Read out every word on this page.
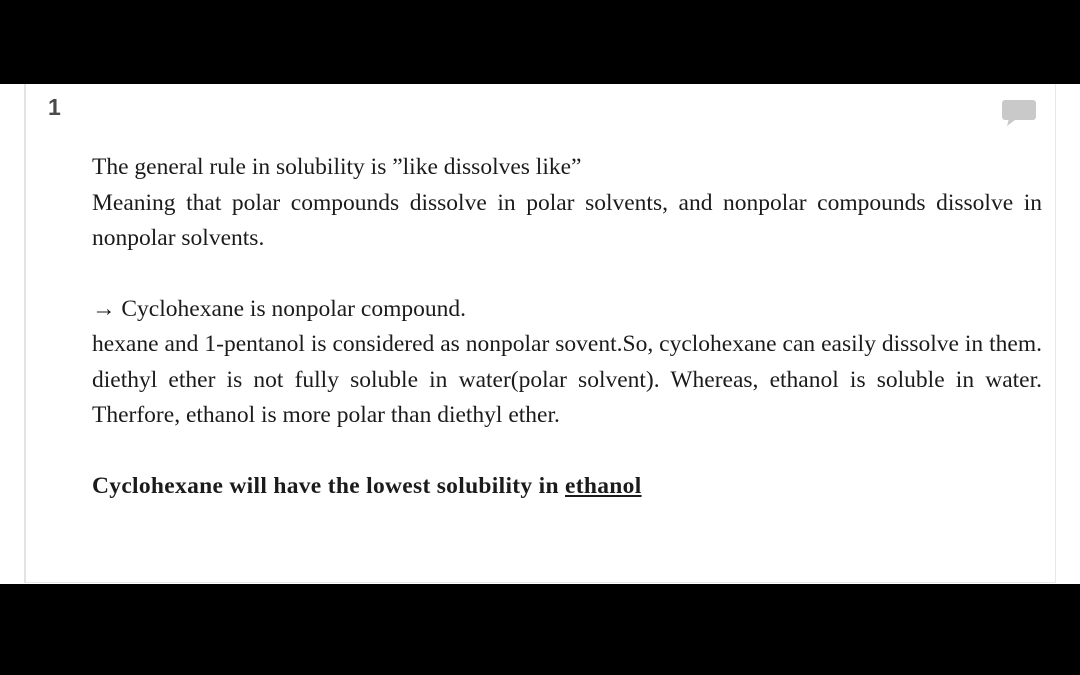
1

The general rule in solubility is ”like dissolves like”

Meaning that polar compounds dissolve in polar solvents, and nonpolar compounds dissolve in nonpolar solvents.

→ Cyclohexane is nonpolar compound.

hexane and 1-pentanol is considered as nonpolar sovent.So, cyclohexane can easily dissolve in them. diethyl ether is not fully soluble in water(polar solvent). Whereas, ethanol is soluble in water. Therfore, ethanol is more polar than diethyl ether.

Cyclohexane will have the lowest solubility in ethanol
